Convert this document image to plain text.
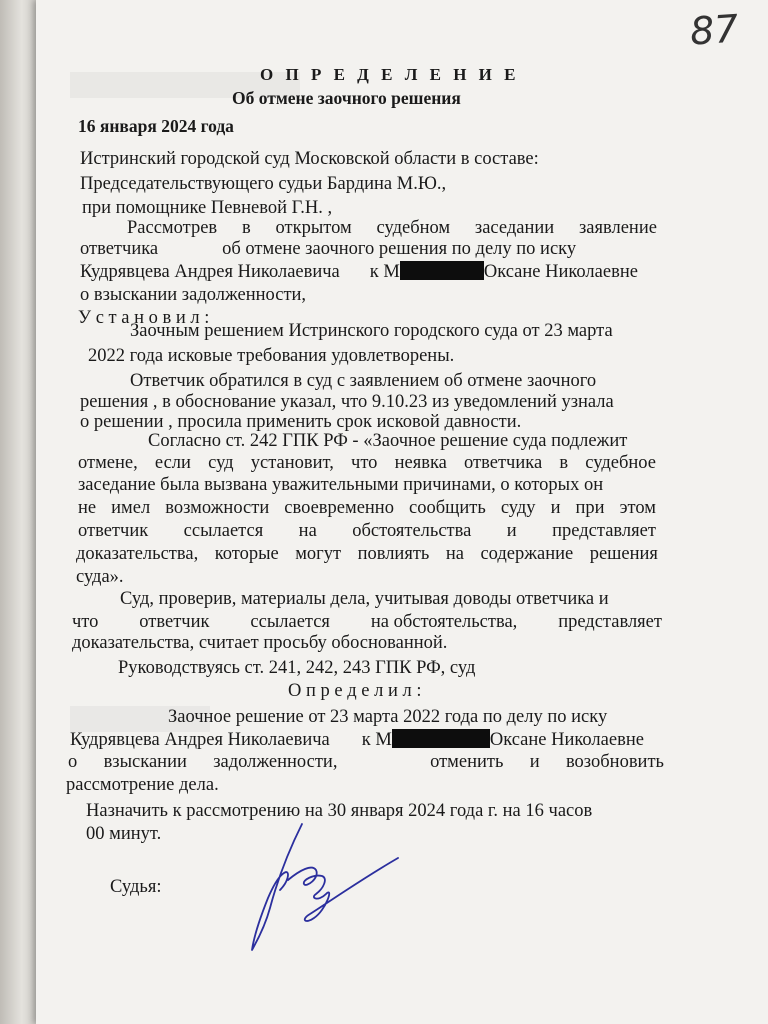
87
О П Р Е Д Е Л Е Н И Е
Об отмене заочного решения
16 января 2024 года
Истринский городской суд Московской области в составе:
Председательствующего судьи Бардина М.Ю.,
при помощнике Певневой Г.Н. ,
Рассмотрев в открытом судебном заседании заявление
ответчика	об отмене заочного решения по делу по иску
Кудрявцева Андрея Николаевича к М	Оксане Николаевне
о взыскании задолженности,
У с т а н о в и л :
Заочным решением Истринского городского суда от 23 марта
2022 года исковые требования удовлетворены.
Ответчик обратился в суд с заявлением об отмене заочного
решения , в обоснование указал, что 9.10.23 из уведомлений узнала
о решении , просила применить срок исковой давности.
Согласно ст. 242 ГПК РФ - «Заочное решение суда подлежит
отмене, если суд установит, что неявка ответчика в судебное
заседание была вызвана уважительными причинами, о которых он
не имел возможности своевременно сообщить суду и при этом
ответчик ссылается на обстоятельства и представляет
доказательства, которые могут повлиять на содержание решения
суда».
Суд, проверив, материалы дела, учитывая доводы ответчика и
что ответчик ссылается на обстоятельства, представляет
доказательства, считает просьбу обоснованной.
Руководствуясь ст. 241, 242, 243 ГПК РФ, суд
О п р е д е л и л :
Заочное решение от 23 марта 2022 года по делу по иску
Кудрявцева Андрея Николаевича к М	Оксане Николаевне
о взыскании задолженности,	отменить и возобновить
рассмотрение дела.
Назначить к рассмотрению на 30 января 2024 года г. на 16 часов
00 минут.
Судья:
